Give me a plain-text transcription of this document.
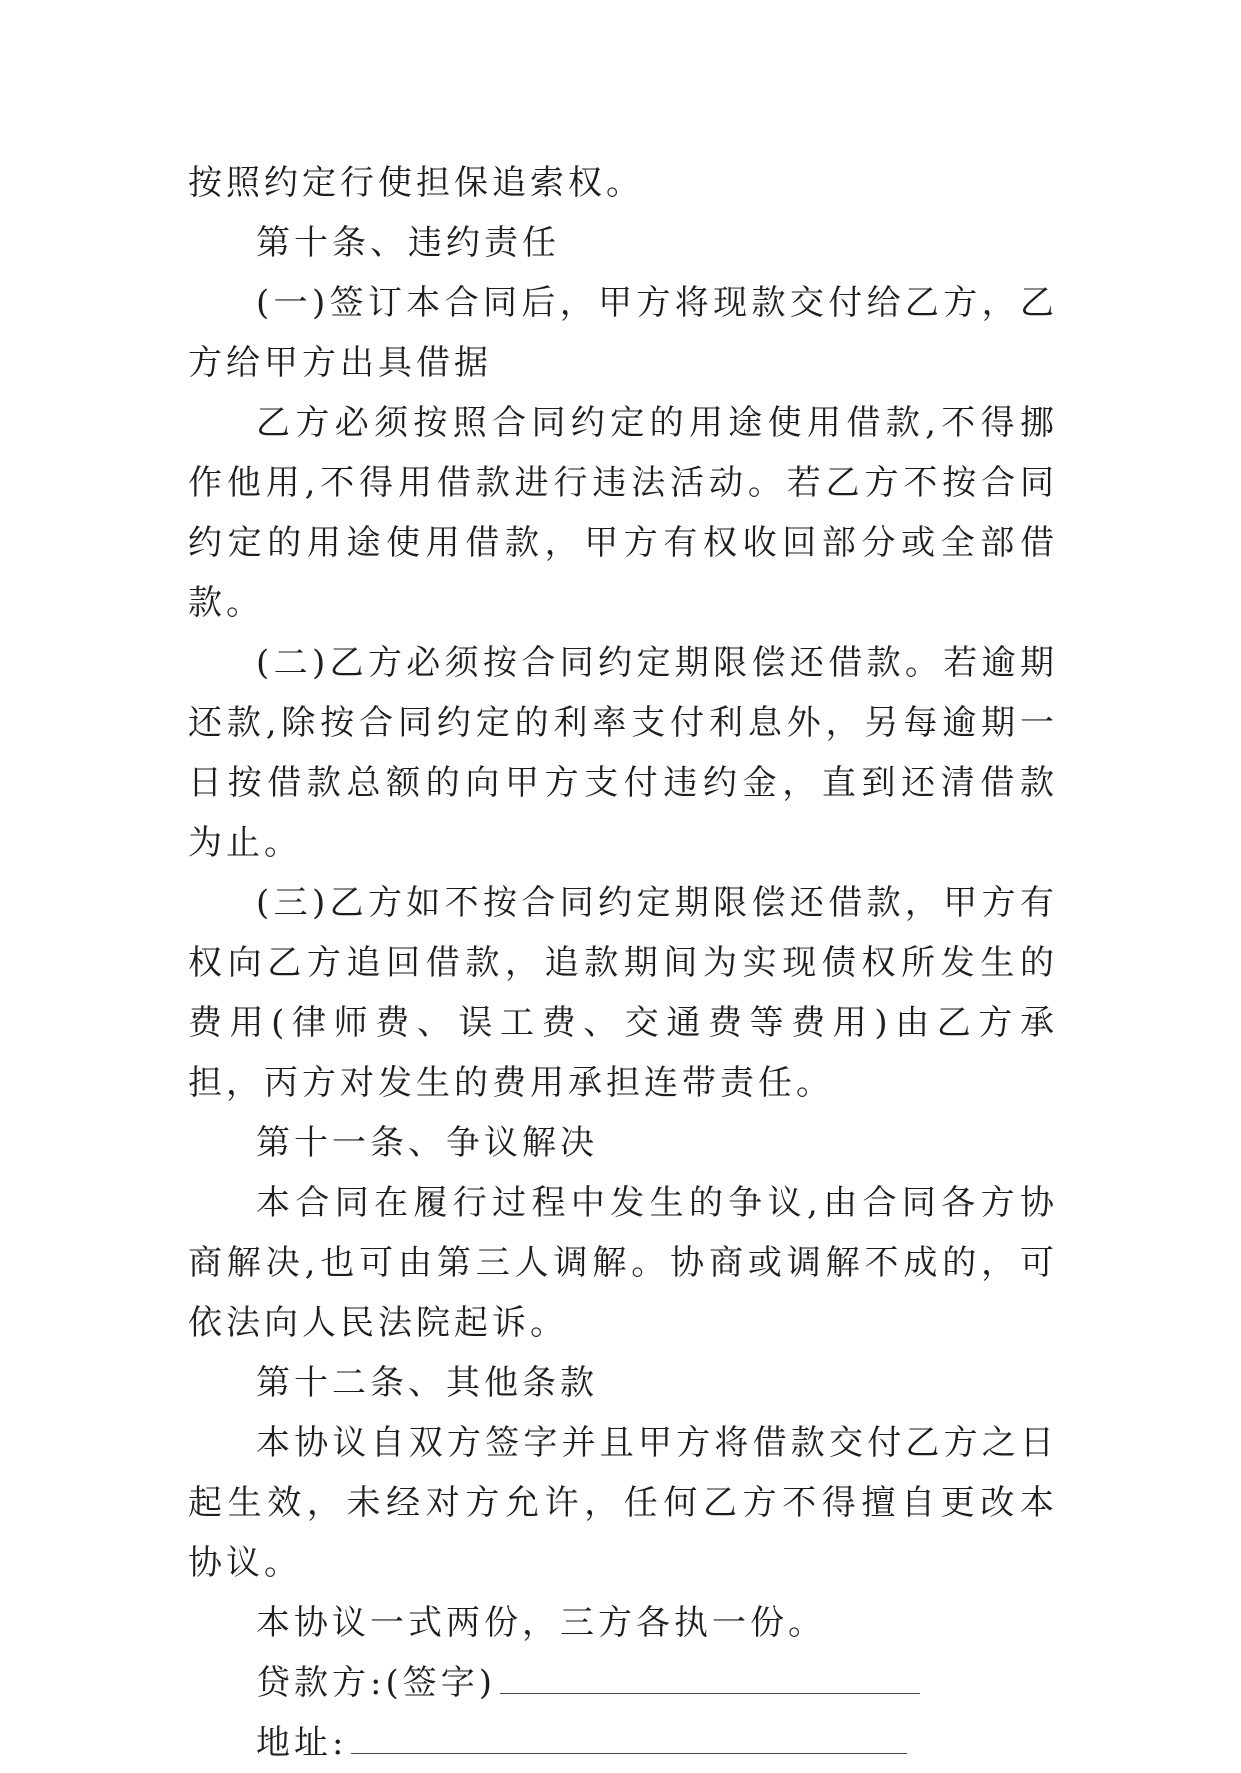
按照约定行使担保追索权。

第十条、违约责任

(一)签订本合同后，甲方将现款交付给乙方，乙方给甲方出具借据

乙方必须按照合同约定的用途使用借款,不得挪作他用,不得用借款进行违法活动。若乙方不按合同约定的用途使用借款，甲方有权收回部分或全部借款。

(二)乙方必须按合同约定期限偿还借款。若逾期还款,除按合同约定的利率支付利息外，另每逾期一日按借款总额的向甲方支付违约金，直到还清借款为止。

(三)乙方如不按合同约定期限偿还借款，甲方有权向乙方追回借款，追款期间为实现债权所发生的费用(律师费、误工费、交通费等费用)由乙方承担，丙方对发生的费用承担连带责任。

第十一条、争议解决

本合同在履行过程中发生的争议,由合同各方协商解决,也可由第三人调解。协商或调解不成的，可依法向人民法院起诉。

第十二条、其他条款

本协议自双方签字并且甲方将借款交付乙方之日起生效，未经对方允许，任何乙方不得擅自更改本协议。

本协议一式两份，三方各执一份。

贷款方:(签字)
地址:
